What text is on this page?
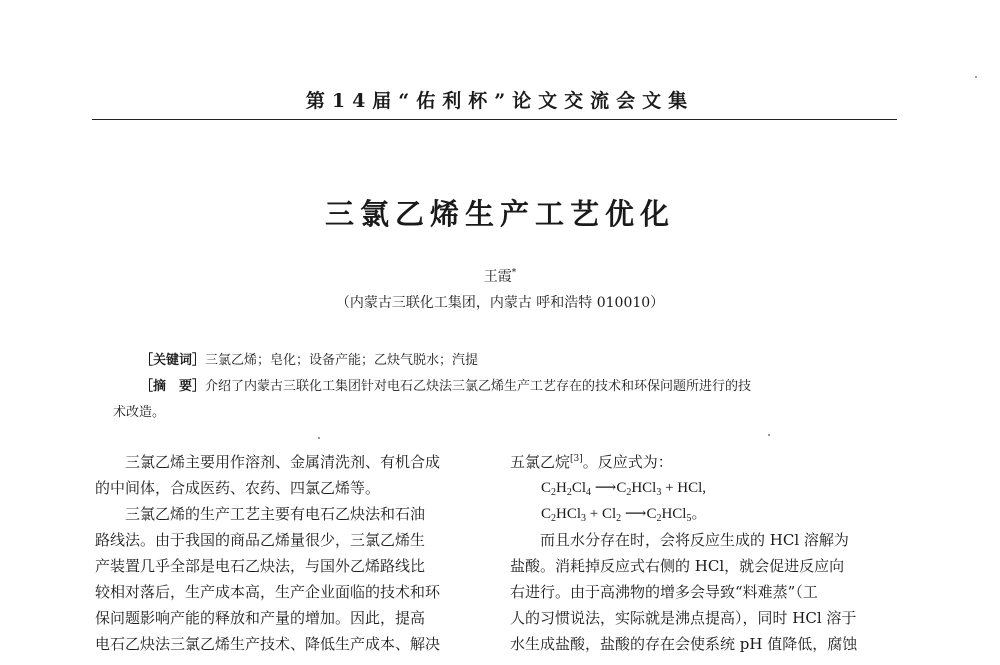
第14届“佑利杯”论文交流会文集
三氯乙烯生产工艺优化
王霞*
（内蒙古三联化工集团，内蒙古 呼和浩特 010010）
［关键词］三氯乙烯；皂化；设备产能；乙炔气脱水；汽提
［摘　要］介绍了内蒙古三联化工集团针对电石乙炔法三氯乙烯生产工艺存在的技术和环保问题所进行的技
术改造。
三氯乙烯主要用作溶剂、金属清洗剂、有机合成
的中间体，合成医药、农药、四氯乙烯等。
三氯乙烯的生产工艺主要有电石乙炔法和石油
路线法。由于我国的商品乙烯量很少，三氯乙烯生
产装置几乎全部是电石乙炔法，与国外乙烯路线比
较相对落后，生产成本高，生产企业面临的技术和环
保问题影响产能的释放和产量的增加。因此，提高
电石乙炔法三氯乙烯生产技术、降低生产成本、解决
五氯乙烷[3]。反应式为：
$C_2H_2Cl_4$ $⟶C_2HCl_3$ + HCl,
$C_2HCl_3 + Cl_2$ $⟶C_2HCl_5$。
而且水分存在时，会将反应生成的 HCl 溶解为
盐酸。消耗掉反应式右侧的 HCl，就会促进反应向
右进行。由于高沸物的增多会导致“料难蒸”（工
人的习惯说法，实际就是沸点提高），同时 HCl 溶于
水生成盐酸，盐酸的存在会使系统 pH 值降低，腐蚀
